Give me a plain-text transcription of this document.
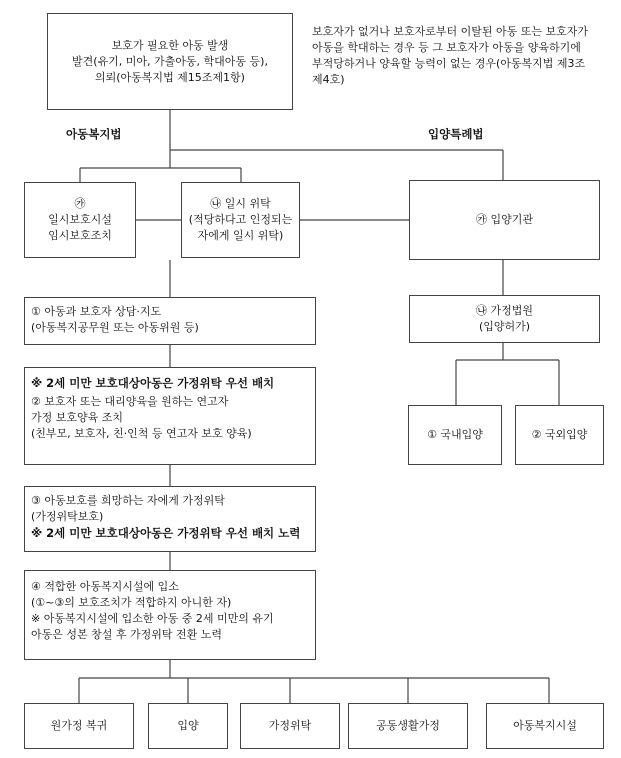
보호가 필요한 아동 발생
발견(유기, 미아, 가출아동, 학대아동 등),
의뢰(아동복지법 제15조제1항)
보호자가 없거나 보호자로부터 이탈된 아동 또는 보호자가
아동을 학대하는 경우 등 그 보호자가 아동을 양육하기에
부적당하거나 양육할 능력이 없는 경우(아동복지법 제3조
제4호)
아동복지법	입양특례법
㉮
일시보호시설
임시보호조치
㉯ 일시 위탁
(적당하다고 인정되는
자에게 일시 위탁)
㉮ 입양기관
① 아동과 보호자 상담·지도
(아동복지공무원 또는 아동위원 등)
㉯ 가정법원
(입양허가)
※ 2세 미만 보호대상아동은 가정위탁 우선 배치
② 보호자 또는 대리양육을 원하는 연고자
가정 보호양육 조치
(친부모, 보호자, 친·인척 등 연고자 보호 양육)	① 국내입양	② 국외입양
③ 아동보호를 희망하는 자에게 가정위탁
(가정위탁보호)
※ 2세 미만 보호대상아동은 가정위탁 우선 배치 노력
④ 적합한 아동복지시설에 입소
(①~③의 보호조치가 적합하지 아니한 자)
※ 아동복지시설에 입소한 아동 중 2세 미만의 유기
아동은 성본 창설 후 가정위탁 전환 노력
원가정 복귀	입양	가정위탁	공동생활가정	아동복지시설
